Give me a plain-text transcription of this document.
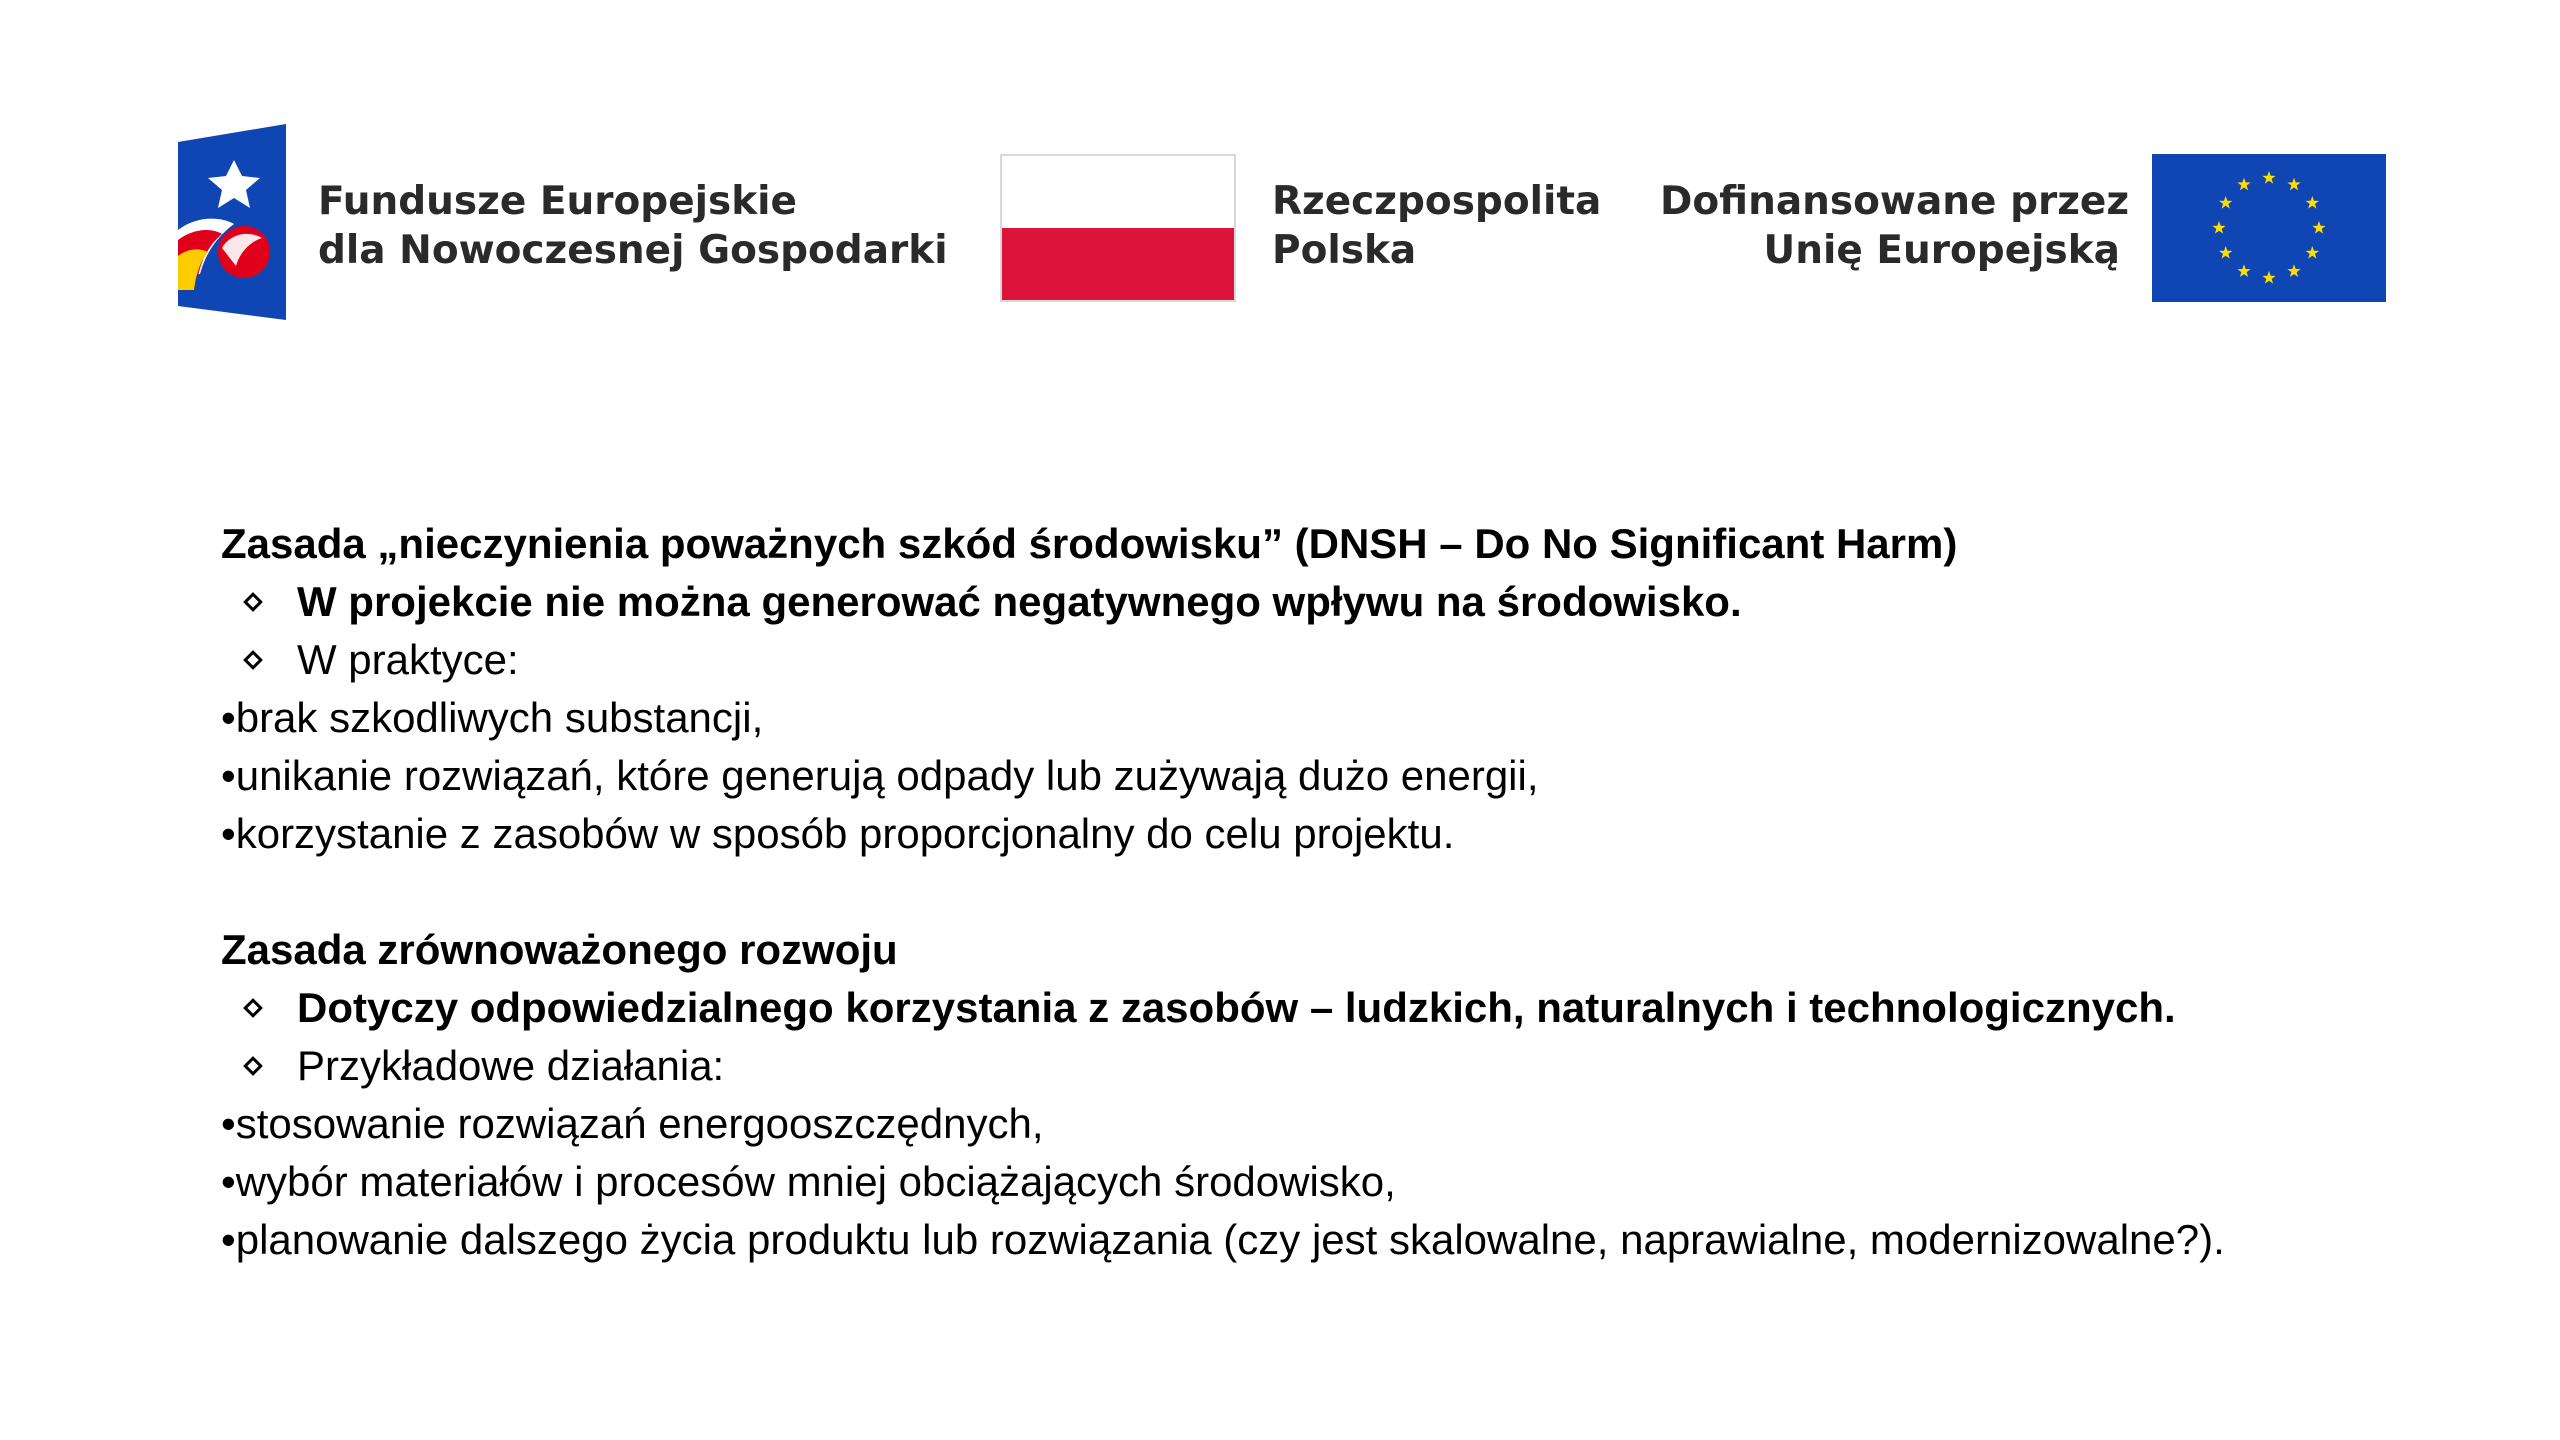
Fundusze Europejskie
dla Nowoczesnej Gospodarki
Rzeczpospolita
Polska
Dofinansowane przez
Unię Europejską
Zasada „nieczynienia poważnych szkód środowisku” (DNSH – Do No Significant Harm)
W projekcie nie można generować negatywnego wpływu na środowisko.
W praktyce:
•brak szkodliwych substancji,
•unikanie rozwiązań, które generują odpady lub zużywają dużo energii,
•korzystanie z zasobów w sposób proporcjonalny do celu projektu.
Zasada zrównoważonego rozwoju
Dotyczy odpowiedzialnego korzystania z zasobów – ludzkich, naturalnych i technologicznych.
Przykładowe działania:
•stosowanie rozwiązań energooszczędnych,
•wybór materiałów i procesów mniej obciążających środowisko,
•planowanie dalszego życia produktu lub rozwiązania (czy jest skalowalne, naprawialne, modernizowalne?).
